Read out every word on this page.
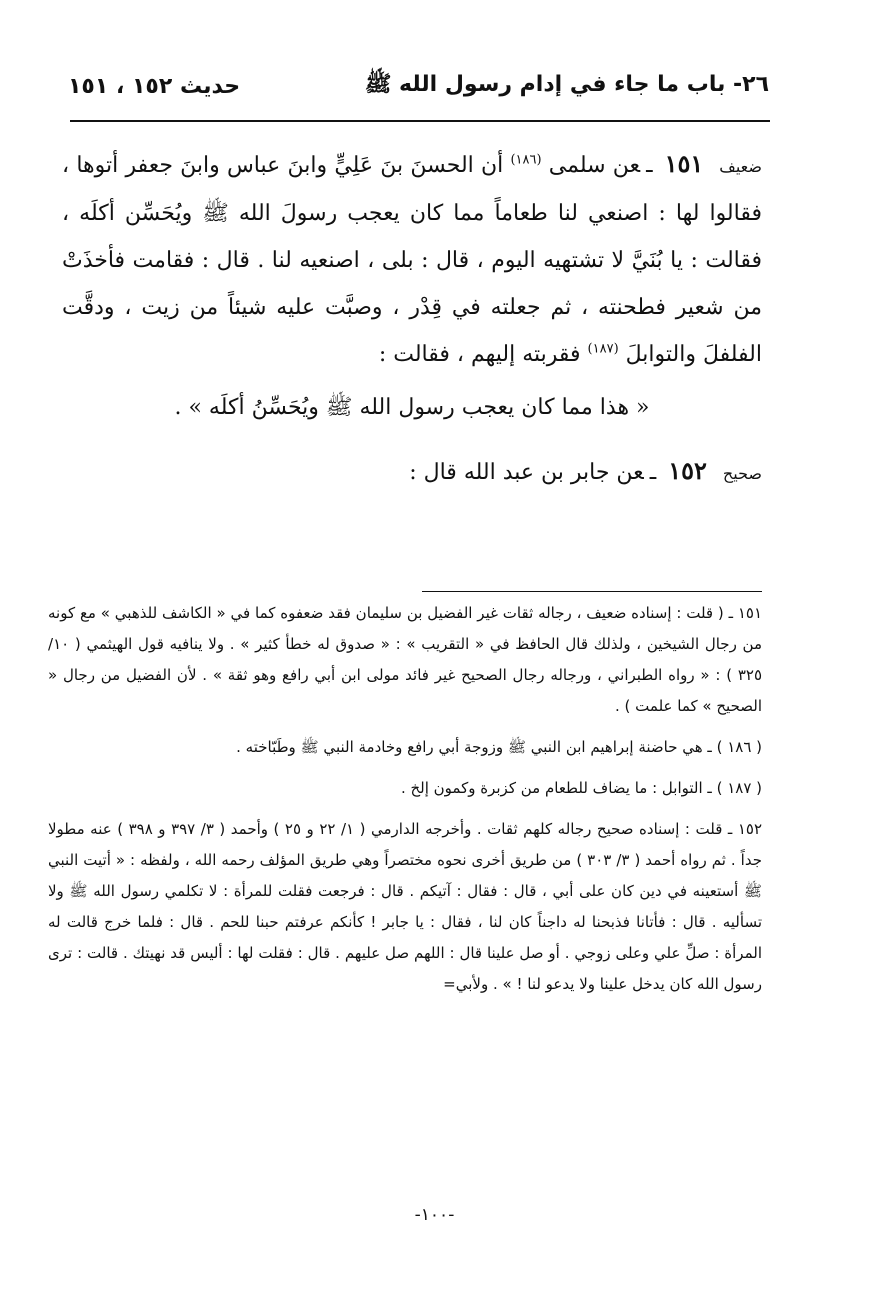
٢٦- باب ما جاء في إدام رسول الله ﷺ
حديث ١٥٢ ، ١٥١

ضعيف١٥١ـعن سلمى $^{(١٨٦)}$ أن الحسنَ بنَ عَلِيٍّ وابنَ عباس وابنَ جعفر أتوها ، فقالوا لها : اصنعي لنا طعاماً مما كان يعجب رسولَ الله ﷺ ويُحَسِّن أكلَه ، فقالت : يا بُنَيَّ لا تشتهيه اليوم ، قال : بلى ، اصنعيه لنا . قال : فقامت فأخذَتْ من شعير فطحنته ، ثم جعلته في قِدْر ، وصبَّت عليه شيئاً من زيت ، ودقَّت الفلفلَ والتوابلَ $^{(١٨٧)}$ فقربته إليهم ، فقالت :

« هذا مما كان يعجب رسول الله ﷺ ويُحَسِّنُ أكلَه » .

صحيح١٥٢ـعن جابر بن عبد الله قال :

١٥١ ـ ( قلت : إسناده ضعيف ، رجاله ثقات غير الفضيل بن سليمان فقد ضعفوه كما في « الكاشف للذهبي » مع كونه من رجال الشيخين ، ولذلك قال الحافظ في « التقريب » : « صدوق له خطأ كثير » . ولا ينافيه قول الهيثمي ( ١٠/ ٣٢٥ ) : « رواه الطبراني ، ورجاله رجال الصحيح غير فائد مولى ابن أبي رافع وهو ثقة » . لأن الفضيل من رجال « الصحيح » كما علمت ) .

( ١٨٦ ) ـ هي حاضنة إبراهيم ابن النبي ﷺ وزوجة أبي رافع وخادمة النبي ﷺ وطَبّاخته .

( ١٨٧ ) ـ التوابل : ما يضاف للطعام من كزبرة وكمون إلخ .

١٥٢ ـ قلت : إسناده صحيح رجاله كلهم ثقات . وأخرجه الدارمي ( ١/ ٢٢ و ٢٥ ) وأحمد ( ٣/ ٣٩٧ و ٣٩٨ ) عنه مطولا جداً . ثم رواه أحمد ( ٣/ ٣٠٣ ) من طريق أخرى نحوه مختصراً وهي طريق المؤلف رحمه الله ، ولفظه : « أتيت النبي ﷺ أستعينه في دين كان على أبي ، قال : فقال : آتيكم . قال : فرجعت فقلت للمرأة : لا تكلمي رسول الله ﷺ ولا تسأليه . قال : فأتانا فذبحنا له داجناً كان لنا ، فقال : يا جابر ! كأنكم عرفتم حبنا للحم . قال : فلما خرج قالت له المرأة : صلِّ علي وعلى زوجي . أو صل علينا قال : اللهم صل عليهم . قال : فقلت لها : أليس قد نهيتك . قالت : ترى رسول الله كان يدخل علينا ولا يدعو لنا ! » . ولأبي=

-١٠٠-
